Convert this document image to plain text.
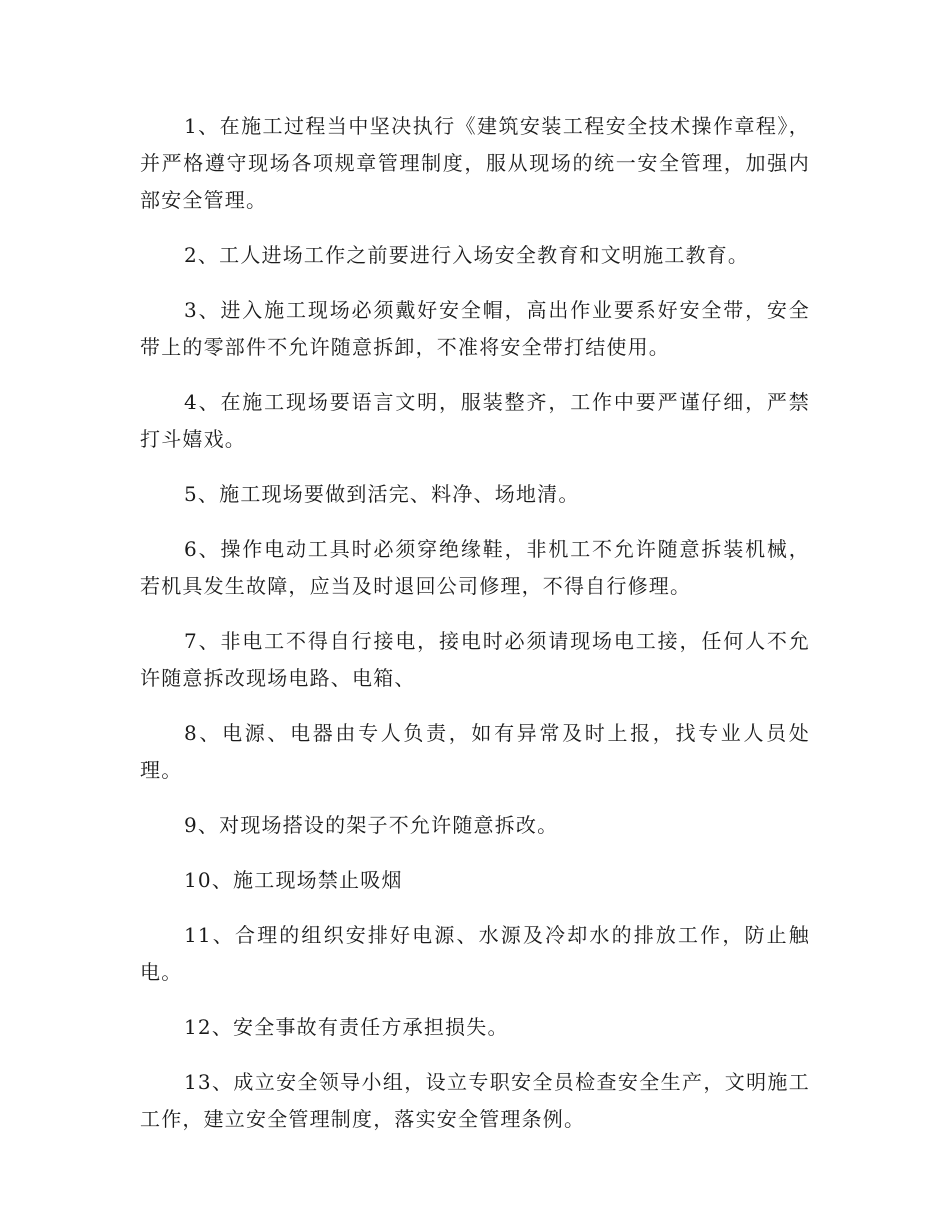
1、在施工过程当中坚决执行《建筑安装工程安全技术操作章程》，并严格遵守现场各项规章管理制度，服从现场的统一安全管理，加强内部安全管理。

2、工人进场工作之前要进行入场安全教育和文明施工教育。

3、进入施工现场必须戴好安全帽，高出作业要系好安全带，安全带上的零部件不允许随意拆卸，不准将安全带打结使用。

4、在施工现场要语言文明，服装整齐，工作中要严谨仔细，严禁打斗嬉戏。

5、施工现场要做到活完、料净、场地清。

6、操作电动工具时必须穿绝缘鞋，非机工不允许随意拆装机械，若机具发生故障，应当及时退回公司修理，不得自行修理。

7、非电工不得自行接电，接电时必须请现场电工接，任何人不允许随意拆改现场电路、电箱、

8、电源、电器由专人负责，如有异常及时上报，找专业人员处理。

9、对现场搭设的架子不允许随意拆改。

10、施工现场禁止吸烟

11、合理的组织安排好电源、水源及冷却水的排放工作，防止触电。

12、安全事故有责任方承担损失。

13、成立安全领导小组，设立专职安全员检查安全生产，文明施工工作，建立安全管理制度，落实安全管理条例。
